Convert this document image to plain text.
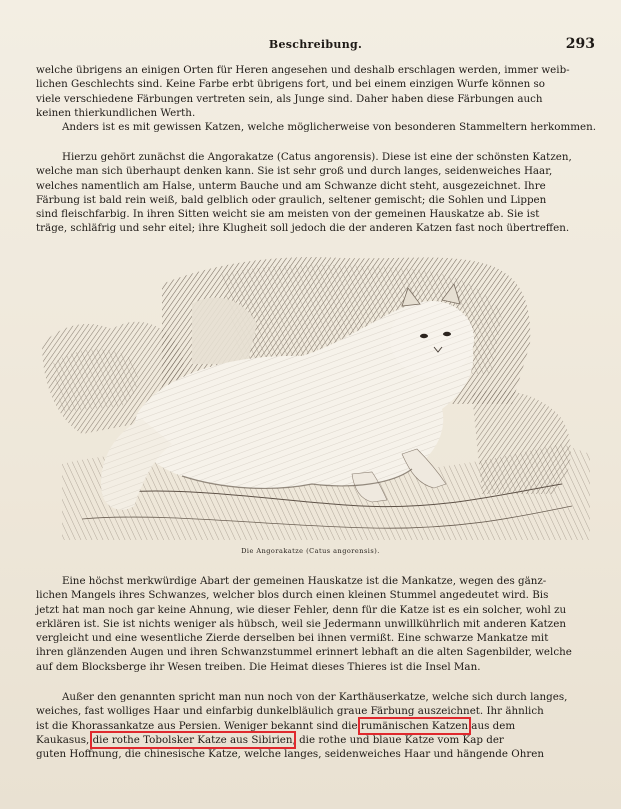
Beschreibung.	293

welche übrigens an einigen Orten für Heren angesehen und deshalb erschlagen werden, immer weib-
lichen Geschlechts sind. Keine Farbe erbt übrigens fort, und bei einem einzigen Wurfe können so
viele verschiedene Färbungen vertreten sein, als Junge sind. Daher haben diese Färbungen auch
keinen thierkundlichen Werth.
Anders ist es mit gewissen Katzen, welche möglicherweise von besonderen Stammeltern herkommen.

Hierzu gehört zunächst die Angorakatze (Catus angorensis). Diese ist eine der schönsten Katzen,
welche man sich überhaupt denken kann. Sie ist sehr groß und durch langes, seidenweiches Haar,
welches namentlich am Halse, unterm Bauche und am Schwanze dicht steht, ausgezeichnet. Ihre
Färbung ist bald rein weiß, bald gelblich oder graulich, seltener gemischt; die Sohlen und Lippen
sind fleischfarbig. In ihren Sitten weicht sie am meisten von der gemeinen Hauskatze ab. Sie ist
träge, schläfrig und sehr eitel; ihre Klugheit soll jedoch die der anderen Katzen fast noch übertreffen.

Die Angorakatze (Catus angorensis).

Eine höchst merkwürdige Abart der gemeinen Hauskatze ist die Mankatze, wegen des gänz-
lichen Mangels ihres Schwanzes, welcher blos durch einen kleinen Stummel angedeutet wird. Bis
jetzt hat man noch gar keine Ahnung, wie dieser Fehler, denn für die Katze ist es ein solcher, wohl zu
erklären ist. Sie ist nichts weniger als hübsch, weil sie Jedermann unwillkührlich mit anderen Katzen
vergleicht und eine wesentliche Zierde derselben bei ihnen vermißt. Eine schwarze Mankatze mit
ihren glänzenden Augen und ihren Schwanzstummel erinnert lebhaft an die alten Sagenbilder, welche
auf dem Blocksberge ihr Wesen treiben. Die Heimat dieses Thieres ist die Insel Man.

Außer den genannten spricht man nun noch von der Karthäuserkatze, welche sich durch langes,
weiches, fast wolliges Haar und einfarbig dunkelbläulich graue Färbung auszeichnet. Ihr ähnlich
ist die Khorassankatze aus Persien. Weniger bekannt sind die rumänischen Katzen aus dem
Kaukasus, die rothe Tobolsker Katze aus Sibirien, die rothe und blaue Katze vom Kap der
guten Hoffnung, die chinesische Katze, welche langes, seidenweiches Haar und hängende Ohren
